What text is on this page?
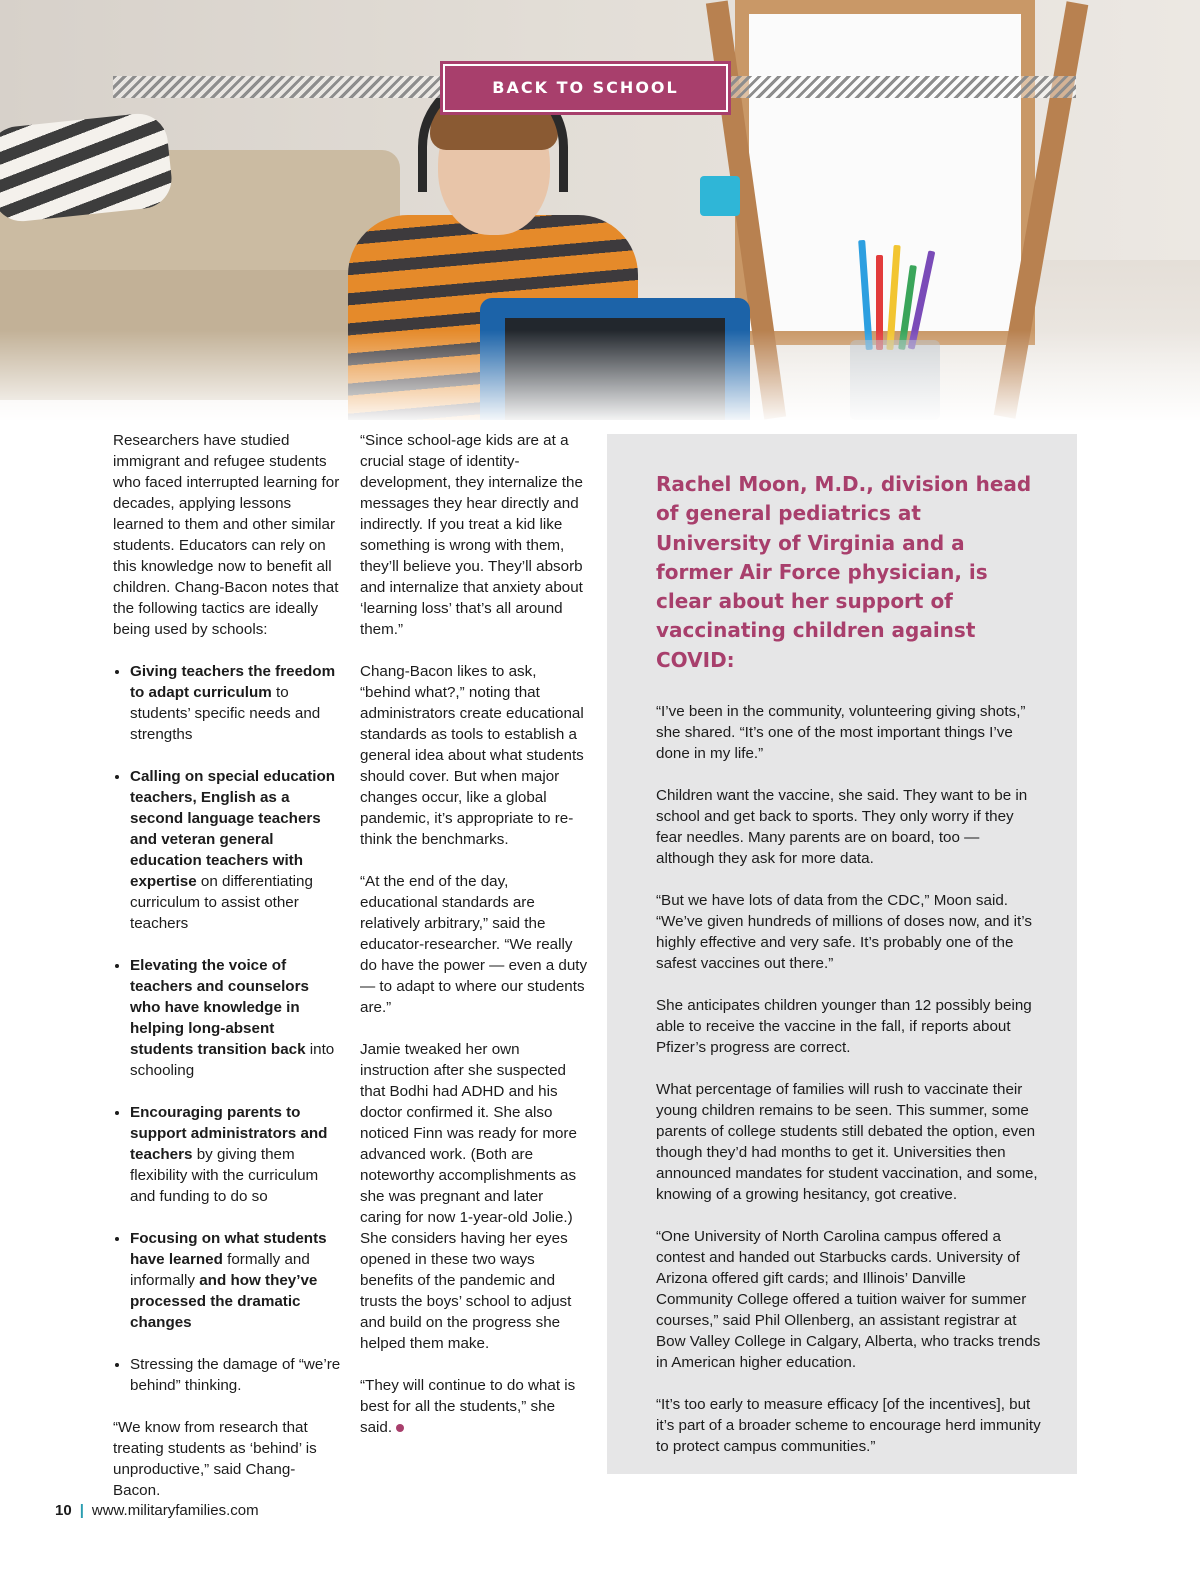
BACK TO SCHOOL

Researchers have studied immigrant and refugee students who faced interrupted learning for decades, applying lessons learned to them and other similar students. Educators can rely on this knowledge now to benefit all children. Chang-Bacon notes that the following tactics are ideally being used by schools:

• Giving teachers the freedom to adapt curriculum to students’ specific needs and strengths
• Calling on special education teachers, English as a second language teachers and veteran general education teachers with expertise on differentiating curriculum to assist other teachers
• Elevating the voice of teachers and counselors who have knowledge in helping long-absent students transition back into schooling
• Encouraging parents to support administrators and teachers by giving them flexibility with the curriculum and funding to do so
• Focusing on what students have learned formally and informally and how they’ve processed the dramatic changes
• Stressing the damage of “we’re behind” thinking.

“We know from research that treating students as ‘behind’ is unproductive,” said Chang-Bacon.

“Since school-age kids are at a crucial stage of identity-development, they internalize the messages they hear directly and indirectly. If you treat a kid like something is wrong with them, they’ll believe you. They’ll absorb and internalize that anxiety about ‘learning loss’ that’s all around them.”

Chang-Bacon likes to ask, “behind what?,” noting that administrators create educational standards as tools to establish a general idea about what students should cover. But when major changes occur, like a global pandemic, it’s appropriate to re-think the benchmarks.

“At the end of the day, educational standards are relatively arbitrary,” said the educator-researcher. “We really do have the power — even a duty — to adapt to where our students are.”

Jamie tweaked her own instruction after she suspected that Bodhi had ADHD and his doctor confirmed it. She also noticed Finn was ready for more advanced work. (Both are noteworthy accomplishments as she was pregnant and later caring for now 1-year-old Jolie.) She considers having her eyes opened in these two ways benefits of the pandemic and trusts the boys’ school to adjust and build on the progress she helped them make.

“They will continue to do what is best for all the students,” she said.

Rachel Moon, M.D., division head of general pediatrics at University of Virginia and a former Air Force physician, is clear about her support of vaccinating children against COVID:

“I’ve been in the community, volunteering giving shots,” she shared. “It’s one of the most important things I’ve done in my life.”

Children want the vaccine, she said. They want to be in school and get back to sports. They only worry if they fear needles. Many parents are on board, too — although they ask for more data.

“But we have lots of data from the CDC,” Moon said. “We’ve given hundreds of millions of doses now, and it’s highly effective and very safe. It’s probably one of the safest vaccines out there.”

She anticipates children younger than 12 possibly being able to receive the vaccine in the fall, if reports about Pfizer’s progress are correct.

What percentage of families will rush to vaccinate their young children remains to be seen. This summer, some parents of college students still debated the option, even though they’d had months to get it. Universities then announced mandates for student vaccination, and some, knowing of a growing hesitancy, got creative.

“One University of North Carolina campus offered a contest and handed out Starbucks cards. University of Arizona offered gift cards; and Illinois’ Danville Community College offered a tuition waiver for summer courses,” said Phil Ollenberg, an assistant registrar at Bow Valley College in Calgary, Alberta, who tracks trends in American higher education.

“It’s too early to measure efficacy [of the incentives], but it’s part of a broader scheme to encourage herd immunity to protect campus communities.”

10 | www.militaryfamilies.com
